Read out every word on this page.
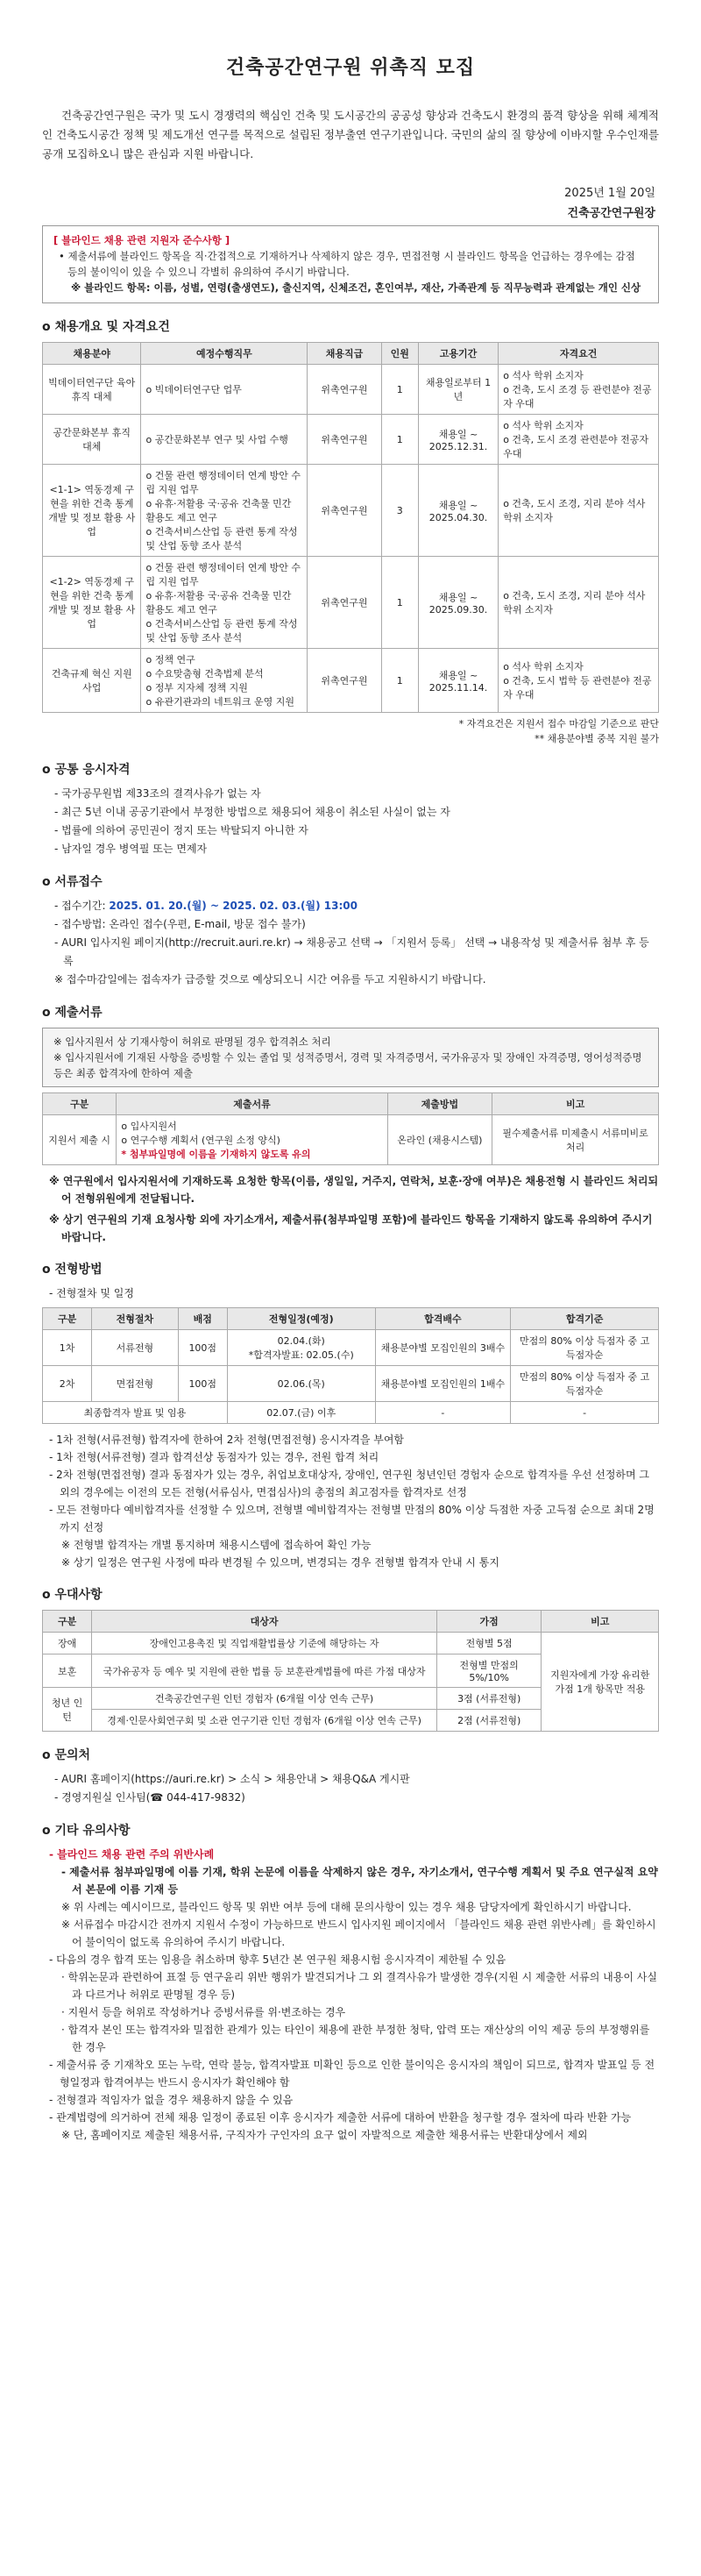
건축공간연구원 위촉직 모집

건축공간연구원은 국가 및 도시 경쟁력의 핵심인 건축 및 도시공간의 공공성 향상과 건축도시 환경의 품격 향상을 위해 체계적인 건축도시공간 정책 및 제도개선 연구를 목적으로 설립된 정부출연 연구기관입니다. 국민의 삶의 질 향상에 이바지할 우수인재를 공개 모집하오니 많은 관심과 지원 바랍니다.

2025년 1월 20일
건축공간연구원장
[ 블라인드 채용 관련 지원자 준수사항 ]
• 제출서류에 블라인드 항목을 직·간접적으로 기재하거나 삭제하지 않은 경우, 면접전형 시 블라인드 항목을 언급하는 경우에는 감점 등의 불이익이 있을 수 있으니 각별히 유의하여 주시기 바랍니다.
※ 블라인드 항목: 이름, 성별, 연령(출생연도), 출신지역, 신체조건, 혼인여부, 재산, 가족관계 등 직무능력과 관계없는 개인 신상
o 채용개요 및 자격요건
채용분야	예정수행직무	채용직급	인원	고용기간	자격요건
빅데이터연구단 육아휴직 대체	o 빅데이터연구단 업무	위촉연구원	1	채용일로부터 1년	o 석사 학위 소지자
o 건축, 도시 조경 등 관련분야 전공자 우대
공간문화본부 휴직 대체	o 공간문화본부 연구 및 사업 수행	위촉연구원	1	채용일 ~ 2025.12.31.	o 석사 학위 소지자
o 건축, 도시 조경 관련분야 전공자 우대
<1-1> 역동경제 구현을 위한 건축 통계 개발 및 정보 활용 사업	o 건물 관련 행정데이터 연계 방안 수립 지원 업무
o 유휴·저활용 국·공유 건축물 민간 활용도 제고 연구
o 건축서비스산업 등 관련 통계 작성 및 산업 동향 조사 분석	위촉연구원	3	채용일 ~ 2025.04.30.	o 건축, 도시 조경, 지리 분야 석사 학위 소지자
<1-2> 역동경제 구현을 위한 건축 통계 개발 및 정보 활용 사업	o 건물 관련 행정데이터 연계 방안 수립 지원 업무
o 유휴·저활용 국·공유 건축물 민간 활용도 제고 연구
o 건축서비스산업 등 관련 통계 작성 및 산업 동향 조사 분석	위촉연구원	1	채용일 ~ 2025.09.30.	o 건축, 도시 조경, 지리 분야 석사 학위 소지자
건축규제 혁신 지원사업	o 정책 연구
o 수요맞춤형 건축법제 분석
o 정부 지자체 정책 지원
o 유관기관과의 네트워크 운영 지원	위촉연구원	1	채용일 ~ 2025.11.14.	o 석사 학위 소지자
o 건축, 도시 법학 등 관련분야 전공자 우대
* 자격요건은 지원서 접수 마감일 기준으로 판단
** 채용분야별 중복 지원 불가
o 공통 응시자격
- 국가공무원법 제33조의 결격사유가 없는 자
- 최근 5년 이내 공공기관에서 부정한 방법으로 채용되어 채용이 취소된 사실이 없는 자
- 법률에 의하여 공민권이 정지 또는 박탈되지 아니한 자
- 남자일 경우 병역필 또는 면제자
o 서류접수
- 접수기간: 2025. 01. 20.(월) ~ 2025. 02. 03.(월) 13:00
- 접수방법: 온라인 접수(우편, E-mail, 방문 접수 불가)
- AURI 입사지원 페이지(http://recruit.auri.re.kr) → 채용공고 선택 → 「지원서 등록」 선택 → 내용작성 및 제출서류 첨부 후 등록
※ 접수마감일에는 접속자가 급증할 것으로 예상되오니 시간 여유를 두고 지원하시기 바랍니다.
o 제출서류
※ 입사지원서 상 기재사항이 허위로 판명될 경우 합격취소 처리
※ 입사지원서에 기재된 사항을 증빙할 수 있는 졸업 및 성적증명서, 경력 및 자격증명서, 국가유공자 및 장애인 자격증명, 영어성적증명 등은 최종 합격자에 한하여 제출
구분	제출서류	제출방법	비고
지원서 제출 시	o 입사지원서
o 연구수행 계획서 (연구원 소정 양식)
* 첨부파일명에 이름을 기재하지 않도록 유의	온라인 (채용시스템)	필수제출서류 미제출시 서류미비로 처리
※ 연구원에서 입사지원서에 기재하도록 요청한 항목(이름, 생일일, 거주지, 연락처, 보훈·장애 여부)은 채용전형 시 블라인드 처리되어 전형위원에게 전달됩니다.
※ 상기 연구원의 기재 요청사항 외에 자기소개서, 제출서류(첨부파일명 포함)에 블라인드 항목을 기재하지 않도록 유의하여 주시기 바랍니다.
o 전형방법
- 전형절차 및 일정
구분	전형절차	배점	전형일정(예정)	합격배수	합격기준
1차	서류전형	100점	02.04.(화)
*합격자발표: 02.05.(수)	채용분야별 모집인원의 3배수	만점의 80% 이상 득점자 중 고득점자순
2차	면접전형	100점	02.06.(목)	채용분야별 모집인원의 1배수	만점의 80% 이상 득점자 중 고득점자순
최종합격자 발표 및 임용			02.07.(금) 이후	-	-
- 1차 전형(서류전형) 합격자에 한하여 2차 전형(면접전형) 응시자격을 부여함
- 1차 전형(서류전형) 결과 합격선상 동점자가 있는 경우, 전원 합격 처리
- 2차 전형(면접전형) 결과 동점자가 있는 경우, 취업보호대상자, 장애인, 연구원 청년인턴 경험자 순으로 합격자를 우선 선정하며 그 외의 경우에는 이전의 모든 전형(서류심사, 면접심사)의 총점의 최고점자를 합격자로 선정
- 모든 전형마다 예비합격자를 선정할 수 있으며, 전형별 예비합격자는 전형별 만점의 80% 이상 득점한 자중 고득점 순으로 최대 2명까지 선정
※ 전형별 합격자는 개별 통지하며 채용시스템에 접속하여 확인 가능
※ 상기 일정은 연구원 사정에 따라 변경될 수 있으며, 변경되는 경우 전형별 합격자 안내 시 통지
o 우대사항
구분	대상자	가점	비고
장애	장애인고용촉진 및 직업재활법률상 기준에 해당하는 자	전형별 5점	지원자에게 가장 유리한 가점 1개 항목만 적용
보훈	국가유공자 등 예우 및 지원에 관한 법률 등 보훈관계법률에 따른 가점 대상자	전형별 만점의 5%/10%	
청년 인턴	건축공간연구원 인턴 경험자 (6개월 이상 연속 근무)	3점 (서류전형)	
	경제·인문사회연구회 및 소관 연구기관 인턴 경험자 (6개월 이상 연속 근무)	2점 (서류전형)	
o 문의처
- AURI 홈페이지(https://auri.re.kr) > 소식 > 채용안내 > 채용Q&A 게시판
- 경영지원실 인사팀(☎ 044-417-9832)
o 기타 유의사항
- 블라인드 채용 관련 주의 위반사례
- 제출서류 첨부파일명에 이름 기재, 학위 논문에 이름을 삭제하지 않은 경우, 자기소개서, 연구수행 계획서 및 주요 연구실적 요약서 본문에 이름 기재 등
※ 위 사례는 예시이므로, 블라인드 항목 및 위반 여부 등에 대해 문의사항이 있는 경우 채용 담당자에게 확인하시기 바랍니다.
※ 서류접수 마감시간 전까지 지원서 수정이 가능하므로 반드시 입사지원 페이지에서 「블라인드 채용 관련 위반사례」를 확인하시어 불이익이 없도록 유의하여 주시기 바랍니다.
- 다음의 경우 합격 또는 임용을 취소하며 향후 5년간 본 연구원 채용시험 응시자격이 제한될 수 있음
· 학위논문과 관련하여 표절 등 연구윤리 위반 행위가 발견되거나 그 외 결격사유가 발생한 경우(지원 시 제출한 서류의 내용이 사실과 다르거나 허위로 판명될 경우 등)
· 지원서 등을 허위로 작성하거나 증빙서류를 위·변조하는 경우
· 합격자 본인 또는 합격자와 밀접한 관계가 있는 타인이 채용에 관한 부정한 청탁, 압력 또는 재산상의 이익 제공 등의 부정행위를 한 경우
- 제출서류 중 기재착오 또는 누락, 연락 불능, 합격자발표 미확인 등으로 인한 불이익은 응시자의 책임이 되므로, 합격자 발표일 등 전형일정과 합격여부는 반드시 응시자가 확인해야 함
- 전형결과 적임자가 없을 경우 채용하지 않을 수 있음
- 관계법령에 의거하여 전체 채용 일정이 종료된 이후 응시자가 제출한 서류에 대하여 반환을 청구할 경우 절차에 따라 반환 가능
※ 단, 홈페이지로 제출된 채용서류, 구직자가 구인자의 요구 없이 자발적으로 제출한 채용서류는 반환대상에서 제외
